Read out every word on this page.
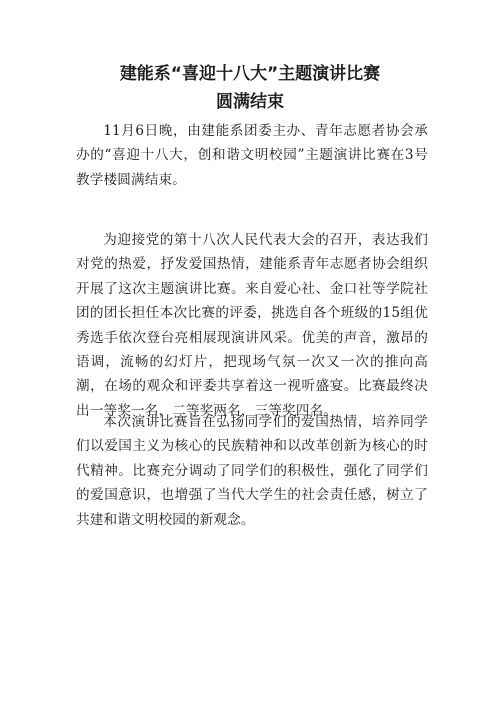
建能系“喜迎十八大”主题演讲比赛
圆满结束

11月6日晚，由建能系团委主办、青年志愿者协会承办的“喜迎十八大，创和谐文明校园”主题演讲比赛在3号教学楼圆满结束。

为迎接党的第十八次人民代表大会的召开，表达我们对党的热爱，抒发爱国热情，建能系青年志愿者协会组织开展了这次主题演讲比赛。来自爱心社、金口社等学院社团的团长担任本次比赛的评委，挑选自各个班级的15组优秀选手依次登台亮相展现演讲风采。优美的声音，激昂的语调，流畅的幻灯片，把现场气氛一次又一次的推向高潮，在场的观众和评委共享着这一视听盛宴。比赛最终决出一等奖一名，二等奖两名，三等奖四名。

本次演讲比赛旨在弘扬同学们的爱国热情，培养同学们以爱国主义为核心的民族精神和以改革创新为核心的时代精神。比赛充分调动了同学们的积极性，强化了同学们的爱国意识，也增强了当代大学生的社会责任感，树立了共建和谐文明校园的新观念。
